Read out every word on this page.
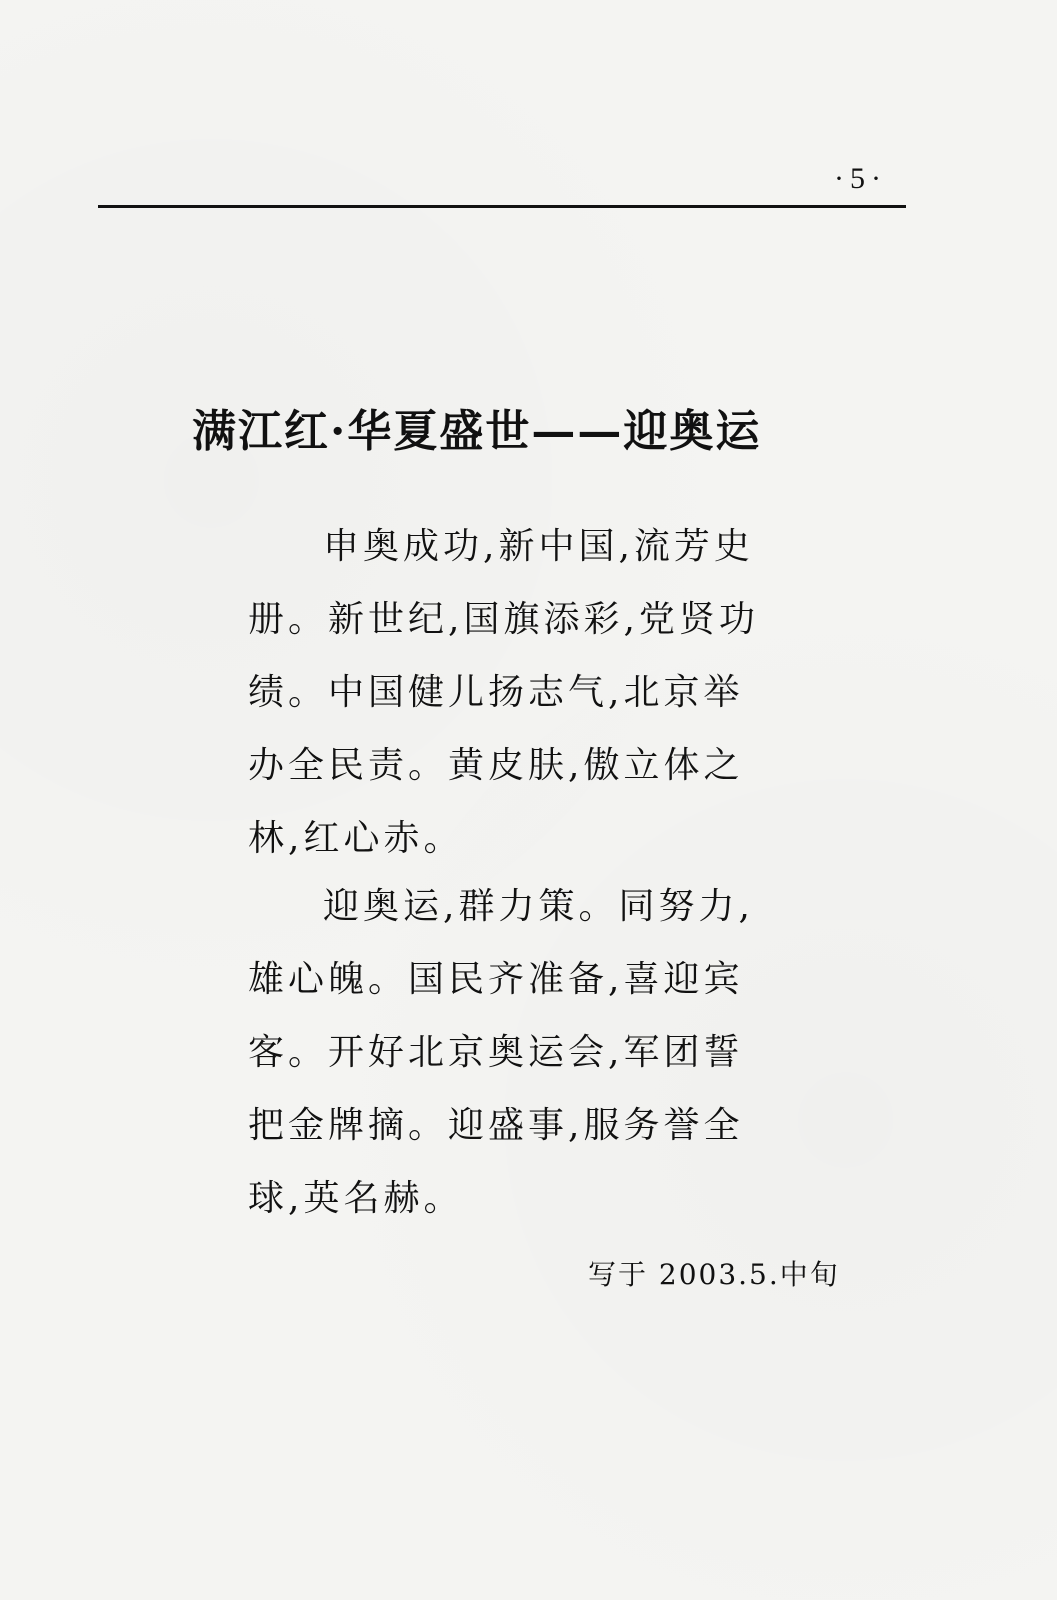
·5·
满江红·华夏盛世——迎奥运
申奥成功,新中国,流芳史
册。新世纪,国旗添彩,党贤功
绩。中国健儿扬志气,北京举
办全民责。黄皮肤,傲立体之
林,红心赤。
迎奥运,群力策。同努力,
雄心魄。国民齐准备,喜迎宾
客。开好北京奥运会,军团誓
把金牌摘。迎盛事,服务誉全
球,英名赫。
写于 2003.5.中旬
